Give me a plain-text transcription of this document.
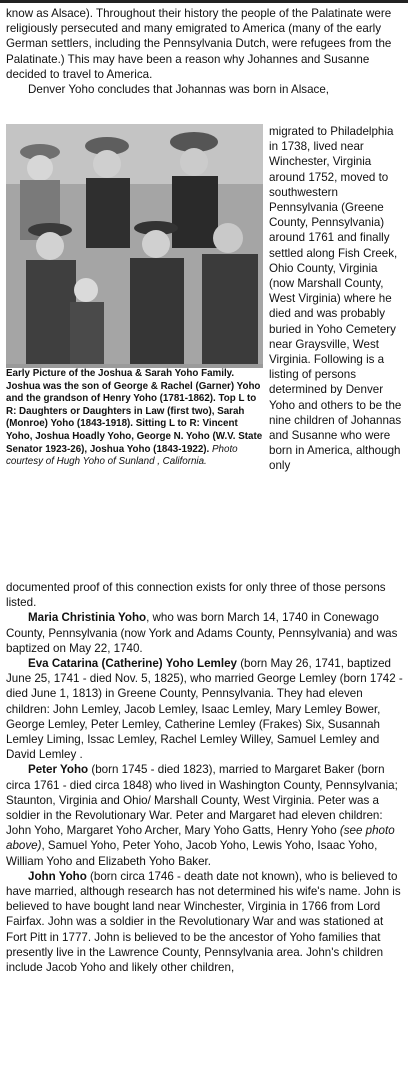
know as Alsace). Throughout their history the people of the Palatinate were religiously persecuted and many emigrated to America (many of the early German settlers, including the Pennsylvania Dutch, were refugees from the Palatinate.) This may have been a reason why Johannes and Susanne decided to travel to America.

Denver Yoho concludes that Johannas was born in Alsace,

Early Picture of the Joshua & Sarah Yoho Family. Joshua was the son of George & Rachel (Garner) Yoho and the grandson of Henry Yoho (1781-1862). Top L to R: Daughters or Daughters in Law (first two), Sarah (Monroe) Yoho (1843-1918). Sitting L to R: Vincent Yoho, Joshua Hoadly Yoho, George N. Yoho (W.V. State Senator 1923-26), Joshua Yoho (1843-1922). Photo courtesy of Hugh Yoho of Sunland , California.
migrated to Philadelphia in 1738, lived near Winchester, Virginia around 1752, moved to southwestern Pennsylvania (Greene County, Pennsylvania) around 1761 and finally settled along Fish Creek, Ohio County, Virginia (now Marshall County, West Virginia) where he died and was probably buried in Yoho Cemetery near Graysville, West Virginia. Following is a listing of persons determined by Denver Yoho and others to be the nine children of Johannas and Susanne who were born in America, although only

documented proof of this connection exists for only three of those persons listed.

Maria Christinia Yoho, who was born March 14, 1740 in Conewago County, Pennsylvania (now York and Adams County, Pennsylvania) and was baptized on May 22, 1740.

Eva Catarina (Catherine) Yoho Lemley (born May 26, 1741, baptized June 25, 1741 - died Nov. 5, 1825), who married George Lemley (born 1742 - died June 1, 1813) in Greene County, Pennsylvania. They had eleven children: John Lemley, Jacob Lemley, Isaac Lemley, Mary Lemley Bower, George Lemley, Peter Lemley, Catherine Lemley (Frakes) Six, Susannah Lemley Liming, Issac Lemley, Rachel Lemley Willey, Samuel Lemley and David Lemley .

Peter Yoho (born 1745 - died 1823), married to Margaret Baker (born circa 1761 - died circa 1848) who lived in Washington County, Pennsylvania; Staunton, Virginia and Ohio/ Marshall County, West Virginia. Peter was a soldier in the Revolutionary War. Peter and Margaret had eleven children: John Yoho, Margaret Yoho Archer, Mary Yoho Gatts, Henry Yoho (see photo above), Samuel Yoho, Peter Yoho, Jacob Yoho, Lewis Yoho, Isaac Yoho, William Yoho and Elizabeth Yoho Baker.

John Yoho (born circa 1746 - death date not known), who is believed to have married, although research has not determined his wife's name. John is believed to have bought land near Winchester, Virginia in 1766 from Lord Fairfax. John was a soldier in the Revolutionary War and was stationed at Fort Pitt in 1777. John is believed to be the ancestor of Yoho families that presently live in the Lawrence County, Pennsylvania area. John's children include Jacob Yoho and likely other children,
